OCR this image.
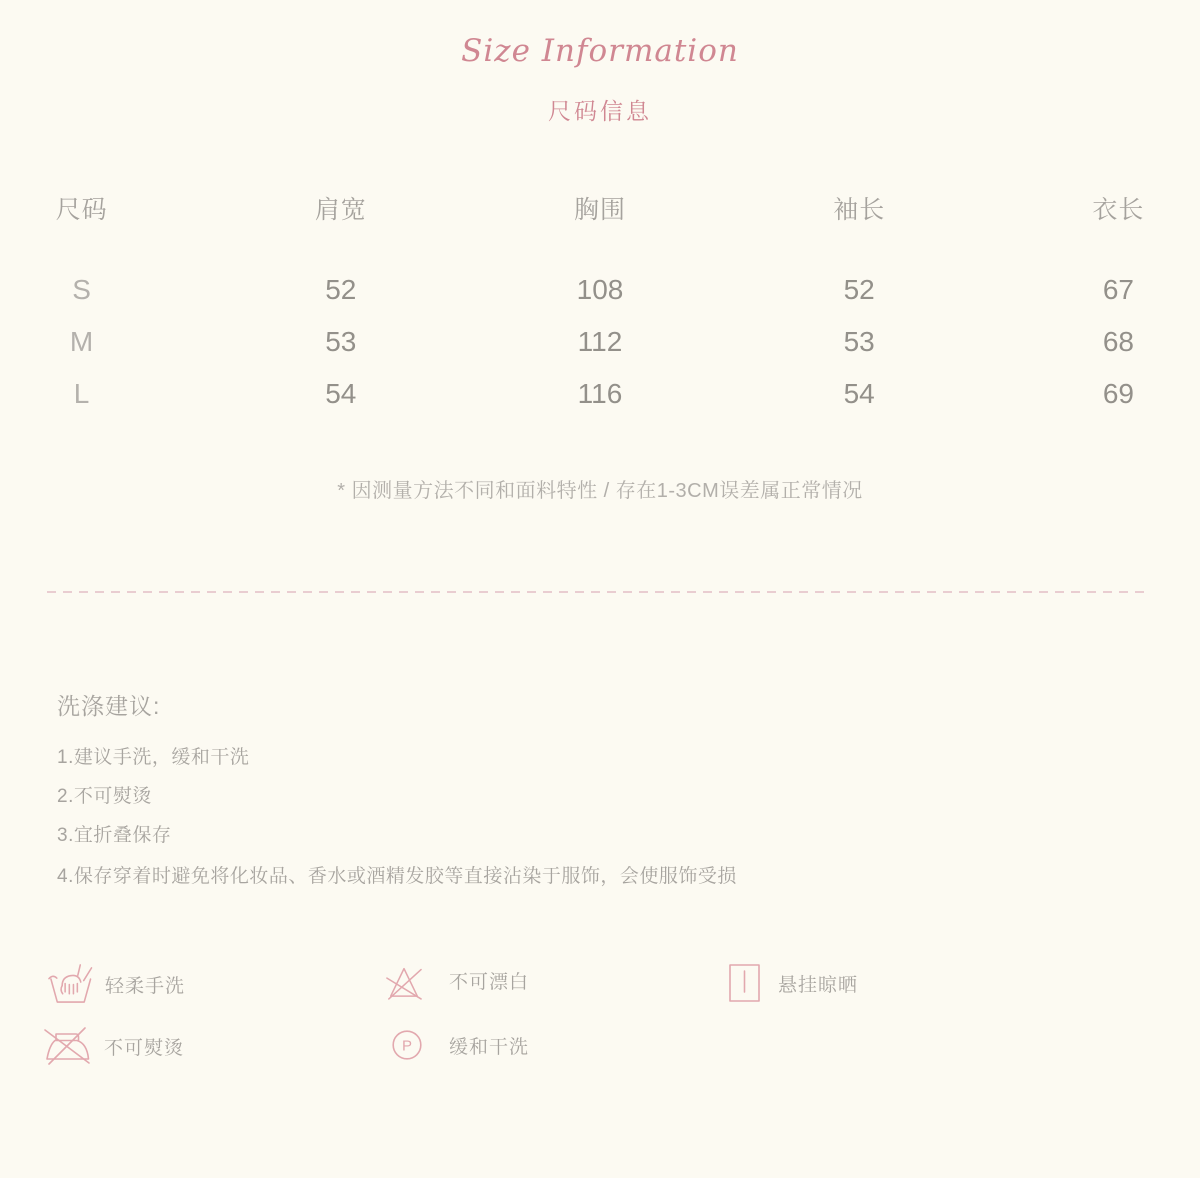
Size Information
尺码信息
尺码	肩宽	胸围	袖长	衣长
S	52	108	52	67
M	53	112	53	68
L	54	116	54	69
* 因测量方法不同和面料特性 / 存在1-3CM误差属正常情况
洗涤建议:
1.建议手洗，缓和干洗
2.不可熨烫
3.宜折叠保存
4.保存穿着时避免将化妆品、香水或酒精发胶等直接沾染于服饰，会使服饰受损
轻柔手洗	不可漂白	悬挂晾晒
不可熨烫	P 缓和干洗
